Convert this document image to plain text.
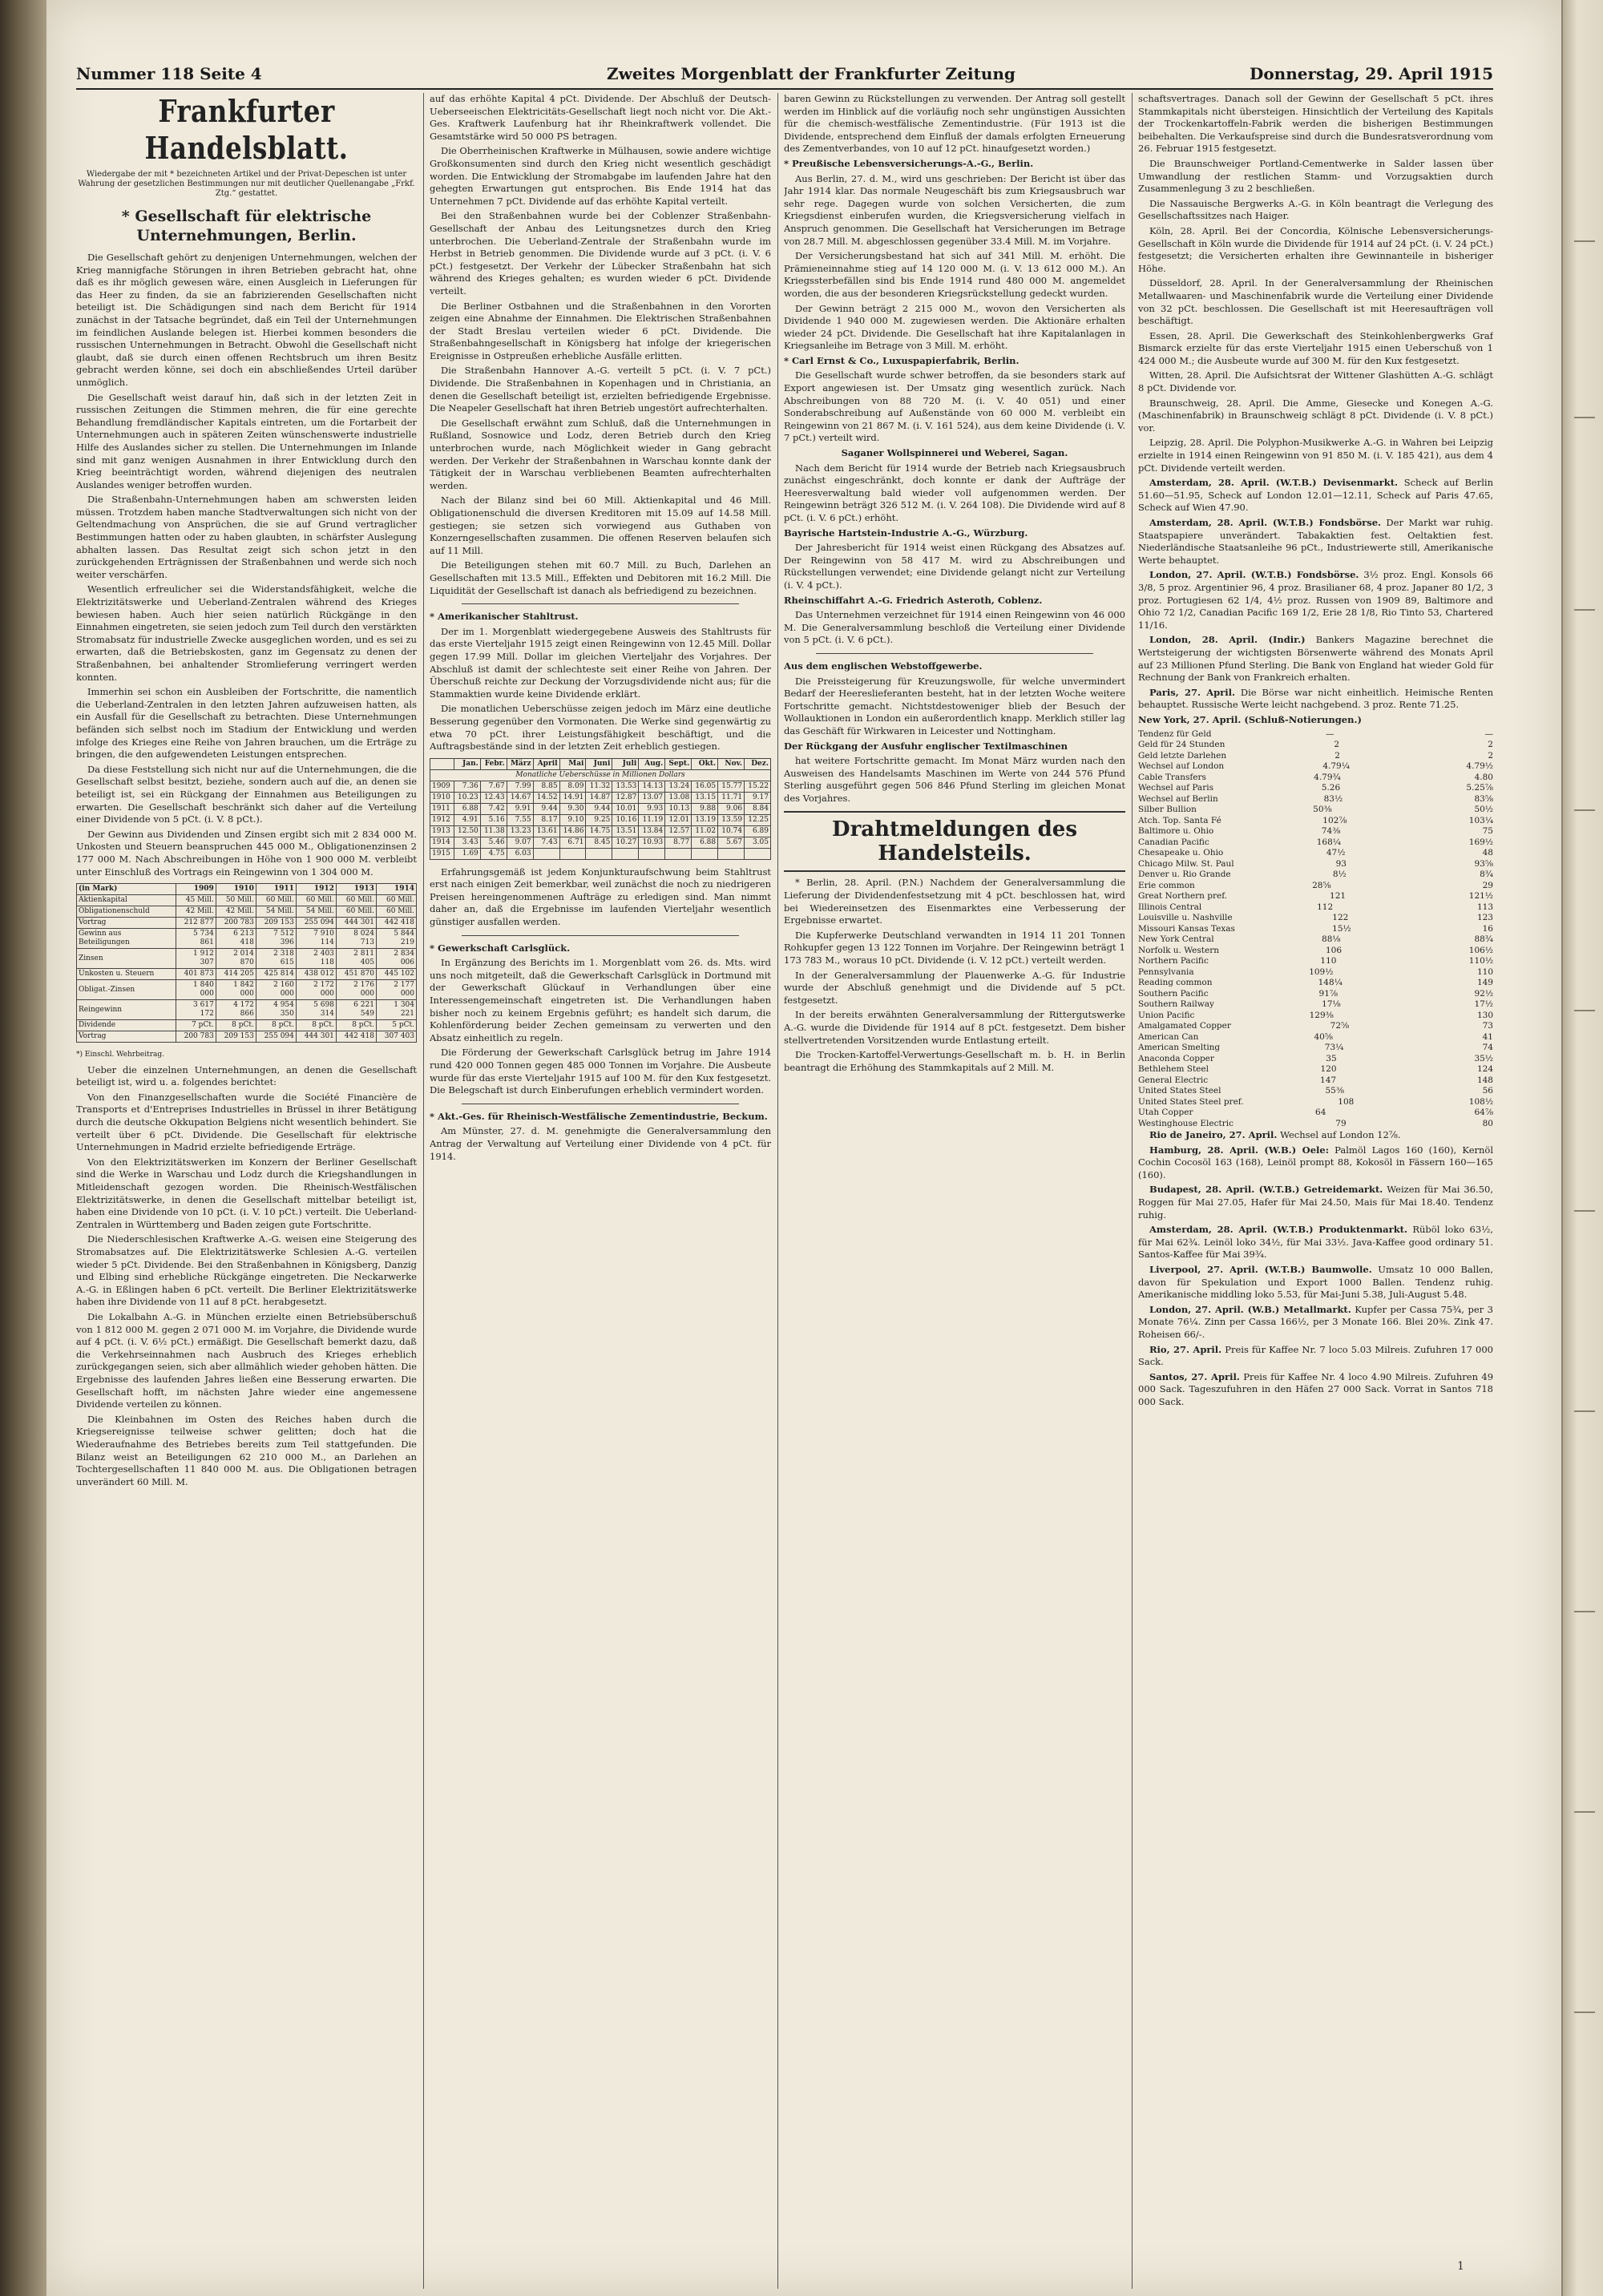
Nummer 118 Seite 4	Zweites Morgenblatt der Frankfurter Zeitung	Donnerstag, 29. April 1915
Frankfurter Handelsblatt.
Wiedergabe der mit * bezeichneten Artikel und der Privat-Depeschen ist unter Wahrung der gesetzlichen Bestimmungen nur mit deutlicher Quellenangabe „Frkf. Ztg.“ gestattet.
* Gesellschaft für elektrische Unternehmungen, Berlin.

Die Gesellschaft gehört zu denjenigen Unternehmungen, welchen der Krieg mannigfache Störungen in ihren Betrieben gebracht hat, ohne daß es ihr möglich gewesen wäre, einen Ausgleich in Lieferungen für das Heer zu finden, da sie an fabrizierenden Gesellschaften nicht beteiligt ist. Die Schädigungen sind nach dem Bericht für 1914 zunächst in der Tatsache begründet, daß ein Teil der Unternehmungen im feindlichen Auslande belegen ist. Hierbei kommen besonders die russischen Unternehmungen in Betracht. Obwohl die Gesellschaft nicht glaubt, daß sie durch einen offenen Rechtsbruch um ihren Besitz gebracht werden könne, sei doch ein abschließendes Urteil darüber unmöglich.

Die Gesellschaft weist darauf hin, daß sich in der letzten Zeit in russischen Zeitungen die Stimmen mehren, die für eine gerechte Behandlung fremdländischer Kapitals eintreten, um die Fortarbeit der Unternehmungen auch in späteren Zeiten wünschenswerte industrielle Hilfe des Auslandes sicher zu stellen. Die Unternehmungen im Inlande sind mit ganz wenigen Ausnahmen in ihrer Entwicklung durch den Krieg beeinträchtigt worden, während diejenigen des neutralen Auslandes weniger betroffen wurden.

Die Straßenbahn-Unternehmungen haben am schwersten leiden müssen. Trotzdem haben manche Stadtverwaltungen sich nicht von der Geltendmachung von Ansprüchen, die sie auf Grund vertraglicher Bestimmungen hatten oder zu haben glaubten, in schärfster Auslegung abhalten lassen. Das Resultat zeigt sich schon jetzt in den zurückgehenden Erträgnissen der Straßenbahnen und werde sich noch weiter verschärfen.

Wesentlich erfreulicher sei die Widerstandsfähigkeit, welche die Elektrizitätswerke und Ueberland-Zentralen während des Krieges bewiesen haben. Auch hier seien natürlich Rückgänge in den Einnahmen eingetreten, sie seien jedoch zum Teil durch den verstärkten Stromabsatz für industrielle Zwecke ausgeglichen worden, und es sei zu erwarten, daß die Betriebskosten, ganz im Gegensatz zu denen der Straßenbahnen, bei anhaltender Stromlieferung verringert werden konnten.

Immerhin sei schon ein Ausbleiben der Fortschritte, die namentlich die Ueberland-Zentralen in den letzten Jahren aufzuweisen hatten, als ein Ausfall für die Gesellschaft zu betrachten. Diese Unternehmungen befänden sich selbst noch im Stadium der Entwicklung und werden infolge des Krieges eine Reihe von Jahren brauchen, um die Erträge zu bringen, die den aufgewendeten Leistungen entsprechen.

Da diese Feststellung sich nicht nur auf die Unternehmungen, die die Gesellschaft selbst besitzt, beziehe, sondern auch auf die, an denen sie beteiligt ist, sei ein Rückgang der Einnahmen aus Beteiligungen zu erwarten. Die Gesellschaft beschränkt sich daher auf die Verteilung einer Dividende von 5 pCt. (i. V. 8 pCt.).

Der Gewinn aus Dividenden und Zinsen ergibt sich mit 2 834 000 M. Unkosten und Steuern beanspruchen 445 000 M., Obligationenzinsen 2 177 000 M. Nach Abschreibungen in Höhe von 1 900 000 M. verbleibt unter Einschluß des Vortrags ein Reingewinn von 1 304 000 M.

(in Mark)	1909	1910	1911	1912	1913	1914
Aktienkapital	45 Mill.	50 Mill.	60 Mill.	60 Mill.	60 Mill.	60 Mill.
Obligationenschuld	42 Mill.	42 Mill.	54 Mill.	54 Mill.	60 Mill.	60 Mill.
Vortrag	212 877	200 783	209 153	255 094	444 301	442 418
Gewinn aus Beteiligungen	5 734 861	6 213 418	7 512 396	7 910 114	8 024 713	5 844 219
Zinsen	1 912 307	2 014 870	2 318 615	2 403 118	2 811 405	2 834 006
Unkosten u. Steuern	401 873	414 205	425 814	438 012	451 870	445 102
Obligat.-Zinsen	1 840 000	1 842 000	2 160 000	2 172 000	2 176 000	2 177 000
Reingewinn	3 617 172	4 172 866	4 954 350	5 698 314	6 221 549	1 304 221
Dividende	7 pCt.	8 pCt.	8 pCt.	8 pCt.	8 pCt.	5 pCt.
Vortrag	200 783	209 153	255 094	444 301	442 418	307 403

*) Einschl. Wehrbeitrag.

Ueber die einzelnen Unternehmungen, an denen die Gesellschaft beteiligt ist, wird u. a. folgendes berichtet:

Von den Finanzgesellschaften wurde die Société Financière de Transports et d'Entreprises Industrielles in Brüssel in ihrer Betätigung durch die deutsche Okkupation Belgiens nicht wesentlich behindert. Sie verteilt über 6 pCt. Dividende. Die Gesellschaft für elektrische Unternehmungen in Madrid erzielte befriedigende Erträge.

Von den Elektrizitätswerken im Konzern der Berliner Gesellschaft sind die Werke in Warschau und Lodz durch die Kriegshandlungen in Mitleidenschaft gezogen worden. Die Rheinisch-Westfälischen Elektrizitätswerke, in denen die Gesellschaft mittelbar beteiligt ist, haben eine Dividende von 10 pCt. (i. V. 10 pCt.) verteilt. Die Ueberland-Zentralen in Württemberg und Baden zeigen gute Fortschritte.

Die Niederschlesischen Kraftwerke A.-G. weisen eine Steigerung des Stromabsatzes auf. Die Elektrizitätswerke Schlesien A.-G. verteilen wieder 5 pCt. Dividende. Bei den Straßenbahnen in Königsberg, Danzig und Elbing sind erhebliche Rückgänge eingetreten. Die Neckarwerke A.-G. in Eßlingen haben 6 pCt. verteilt. Die Berliner Elektrizitätswerke haben ihre Dividende von 11 auf 8 pCt. herabgesetzt.

Die Lokalbahn A.-G. in München erzielte einen Betriebsüberschuß von 1 812 000 M. gegen 2 071 000 M. im Vorjahre, die Dividende wurde auf 4 pCt. (i. V. 6½ pCt.) ermäßigt. Die Gesellschaft bemerkt dazu, daß die Verkehrseinnahmen nach Ausbruch des Krieges erheblich zurückgegangen seien, sich aber allmählich wieder gehoben hätten. Die Ergebnisse des laufenden Jahres ließen eine Besserung erwarten. Die Gesellschaft hofft, im nächsten Jahre wieder eine angemessene Dividende verteilen zu können.

Die Kleinbahnen im Osten des Reiches haben durch die Kriegsereignisse teilweise schwer gelitten; doch hat die Wiederaufnahme des Betriebes bereits zum Teil stattgefunden. Die Bilanz weist an Beteiligungen 62 210 000 M., an Darlehen an Tochtergesellschaften 11 840 000 M. aus. Die Obligationen betragen unverändert 60 Mill. M.

auf das erhöhte Kapital 4 pCt. Dividende. Der Abschluß der Deutsch-Ueberseeischen Elektricitäts-Gesellschaft liegt noch nicht vor. Die Akt.-Ges. Kraftwerk Laufenburg hat ihr Rheinkraftwerk vollendet. Die Gesamtstärke wird 50 000 PS betragen.

Die Oberrheinischen Kraftwerke in Mülhausen, sowie andere wichtige Großkonsumenten sind durch den Krieg nicht wesentlich geschädigt worden. Die Entwicklung der Stromabgabe im laufenden Jahre hat den gehegten Erwartungen gut entsprochen. Bis Ende 1914 hat das Unternehmen 7 pCt. Dividende auf das erhöhte Kapital verteilt.

Bei den Straßenbahnen wurde bei der Coblenzer Straßenbahn-Gesellschaft der Anbau des Leitungsnetzes durch den Krieg unterbrochen. Die Ueberland-Zentrale der Straßenbahn wurde im Herbst in Betrieb genommen. Die Dividende wurde auf 3 pCt. (i. V. 6 pCt.) festgesetzt. Der Verkehr der Lübecker Straßenbahn hat sich während des Krieges gehalten; es wurden wieder 6 pCt. Dividende verteilt.

Die Berliner Ostbahnen und die Straßenbahnen in den Vororten zeigen eine Abnahme der Einnahmen. Die Elektrischen Straßenbahnen der Stadt Breslau verteilen wieder 6 pCt. Dividende. Die Straßenbahngesellschaft in Königsberg hat infolge der kriegerischen Ereignisse in Ostpreußen erhebliche Ausfälle erlitten.

Die Straßenbahn Hannover A.-G. verteilt 5 pCt. (i. V. 7 pCt.) Dividende. Die Straßenbahnen in Kopenhagen und in Christiania, an denen die Gesellschaft beteiligt ist, erzielten befriedigende Ergebnisse. Die Neapeler Gesellschaft hat ihren Betrieb ungestört aufrechterhalten.

Die Gesellschaft erwähnt zum Schluß, daß die Unternehmungen in Rußland, Sosnowice und Lodz, deren Betrieb durch den Krieg unterbrochen wurde, nach Möglichkeit wieder in Gang gebracht werden. Der Verkehr der Straßenbahnen in Warschau konnte dank der Tätigkeit der in Warschau verbliebenen Beamten aufrechterhalten werden.

Nach der Bilanz sind bei 60 Mill. Aktienkapital und 46 Mill. Obligationenschuld die diversen Kreditoren mit 15.09 auf 14.58 Mill. gestiegen; sie setzen sich vorwiegend aus Guthaben von Konzerngesellschaften zusammen. Die offenen Reserven belaufen sich auf 11 Mill.

Die Beteiligungen stehen mit 60.7 Mill. zu Buch, Darlehen an Gesellschaften mit 13.5 Mill., Effekten und Debitoren mit 16.2 Mill. Die Liquidität der Gesellschaft ist danach als befriedigend zu bezeichnen.

* Amerikanischer Stahltrust.

Der im 1. Morgenblatt wiedergegebene Ausweis des Stahltrusts für das erste Vierteljahr 1915 zeigt einen Reingewinn von 12.45 Mill. Dollar gegen 17.99 Mill. Dollar im gleichen Vierteljahr des Vorjahres. Der Abschluß ist damit der schlechteste seit einer Reihe von Jahren. Der Überschuß reichte zur Deckung der Vorzugsdividende nicht aus; für die Stammaktien wurde keine Dividende erklärt.

Die monatlichen Ueberschüsse zeigen jedoch im März eine deutliche Besserung gegenüber den Vormonaten. Die Werke sind gegenwärtig zu etwa 70 pCt. ihrer Leistungsfähigkeit beschäftigt, und die Auftragsbestände sind in der letzten Zeit erheblich gestiegen.

	Jan.	Febr.	März	April	Mai	Juni	Juli	Aug.	Sept.	Okt.	Nov.	Dez.
Monatliche Ueberschüsse in Millionen Dollars												
1909	7.36	7.67	7.99	8.85	8.09	11.32	13.53	14.13	13.24	16.05	15.77	15.22
1910	10.23	12.43	14.67	14.52	14.91	14.87	12.87	13.07	13.08	13.15	11.71	9.17
1911	6.88	7.42	9.91	9.44	9.30	9.44	10.01	9.93	10.13	9.88	9.06	8.84
1912	4.91	5.16	7.55	8.17	9.10	9.25	10.16	11.19	12.01	13.19	13.59	12.25
1913	12.50	11.38	13.23	13.61	14.86	14.75	13.51	13.84	12.57	11.02	10.74	6.89
1914	3.43	5.46	9.07	7.43	6.71	8.45	10.27	10.93	8.77	6.88	5.67	3.05
1915	1.69	4.75	6.03									

Erfahrungsgemäß ist jedem Konjunkturaufschwung beim Stahltrust erst nach einigen Zeit bemerkbar, weil zunächst die noch zu niedrigeren Preisen hereingenommenen Aufträge zu erledigen sind. Man nimmt daher an, daß die Ergebnisse im laufenden Vierteljahr wesentlich günstiger ausfallen werden.

* Gewerkschaft Carlsglück.

In Ergänzung des Berichts im 1. Morgenblatt vom 26. ds. Mts. wird uns noch mitgeteilt, daß die Gewerkschaft Carlsglück in Dortmund mit der Gewerkschaft Glückauf in Verhandlungen über eine Interessengemeinschaft eingetreten ist. Die Verhandlungen haben bisher noch zu keinem Ergebnis geführt; es handelt sich darum, die Kohlenförderung beider Zechen gemeinsam zu verwerten und den Absatz einheitlich zu regeln.

Die Förderung der Gewerkschaft Carlsglück betrug im Jahre 1914 rund 420 000 Tonnen gegen 485 000 Tonnen im Vorjahre. Die Ausbeute wurde für das erste Vierteljahr 1915 auf 100 M. für den Kux festgesetzt. Die Belegschaft ist durch Einberufungen erheblich vermindert worden.

* Akt.-Ges. für Rheinisch-Westfälische Zementindustrie, Beckum.

Am Münster, 27. d. M. genehmigte die Generalversammlung den Antrag der Verwaltung auf Verteilung einer Dividende von 4 pCt. für 1914.

baren Gewinn zu Rückstellungen zu verwenden. Der Antrag soll gestellt werden im Hinblick auf die vorläufig noch sehr ungünstigen Aussichten für die chemisch-westfälische Zementindustrie. (Für 1913 ist die Dividende, entsprechend dem Einfluß der damals erfolgten Erneuerung des Zementverbandes, von 10 auf 12 pCt. hinaufgesetzt worden.)

* Preußische Lebensversicherungs-A.-G., Berlin.

Aus Berlin, 27. d. M., wird uns geschrieben: Der Bericht ist über das Jahr 1914 klar. Das normale Neugeschäft bis zum Kriegsausbruch war sehr rege. Dagegen wurde von solchen Versicherten, die zum Kriegsdienst einberufen wurden, die Kriegsversicherung vielfach in Anspruch genommen. Die Gesellschaft hat Versicherungen im Betrage von 28.7 Mill. M. abgeschlossen gegenüber 33.4 Mill. M. im Vorjahre.

Der Versicherungsbestand hat sich auf 341 Mill. M. erhöht. Die Prämieneinnahme stieg auf 14 120 000 M. (i. V. 13 612 000 M.). An Kriegssterbefällen sind bis Ende 1914 rund 480 000 M. angemeldet worden, die aus der besonderen Kriegsrückstellung gedeckt wurden.

Der Gewinn beträgt 2 215 000 M., wovon den Versicherten als Dividende 1 940 000 M. zugewiesen werden. Die Aktionäre erhalten wieder 24 pCt. Dividende. Die Gesellschaft hat ihre Kapitalanlagen in Kriegsanleihe im Betrage von 3 Mill. M. erhöht.

* Carl Ernst & Co., Luxuspapierfabrik, Berlin.

Die Gesellschaft wurde schwer betroffen, da sie besonders stark auf Export angewiesen ist. Der Umsatz ging wesentlich zurück. Nach Abschreibungen von 88 720 M. (i. V. 40 051) und einer Sonderabschreibung auf Außenstände von 60 000 M. verbleibt ein Reingewinn von 21 867 M. (i. V. 161 524), aus dem keine Dividende (i. V. 7 pCt.) verteilt wird.

Saganer Wollspinnerei und Weberei, Sagan.

Nach dem Bericht für 1914 wurde der Betrieb nach Kriegsausbruch zunächst eingeschränkt, doch konnte er dank der Aufträge der Heeresverwaltung bald wieder voll aufgenommen werden. Der Reingewinn beträgt 326 512 M. (i. V. 264 108). Die Dividende wird auf 8 pCt. (i. V. 6 pCt.) erhöht.

Bayrische Hartstein-Industrie A.-G., Würzburg.

Der Jahresbericht für 1914 weist einen Rückgang des Absatzes auf. Der Reingewinn von 58 417 M. wird zu Abschreibungen und Rückstellungen verwendet; eine Dividende gelangt nicht zur Verteilung (i. V. 4 pCt.).

Rheinschiffahrt A.-G. Friedrich Asteroth, Coblenz.

Das Unternehmen verzeichnet für 1914 einen Reingewinn von 46 000 M. Die Generalversammlung beschloß die Verteilung einer Dividende von 5 pCt. (i. V. 6 pCt.).

Aus dem englischen Webstoffgewerbe.

Die Preissteigerung für Kreuzungswolle, für welche unvermindert Bedarf der Heereslieferanten besteht, hat in der letzten Woche weitere Fortschritte gemacht. Nichtstdestoweniger blieb der Besuch der Wollauktionen in London ein außerordentlich knapp. Merklich stiller lag das Geschäft für Wirkwaren in Leicester und Nottingham.

Der Rückgang der Ausfuhr englischer Textilmaschinen

hat weitere Fortschritte gemacht. Im Monat März wurden nach den Ausweisen des Handelsamts Maschinen im Werte von 244 576 Pfund Sterling ausgeführt gegen 506 846 Pfund Sterling im gleichen Monat des Vorjahres.

Drahtmeldungen des Handelsteils.

* Berlin, 28. April. (P.N.) Nachdem der Generalversammlung die Lieferung der Dividendenfestsetzung mit 4 pCt. beschlossen hat, wird bei Wiedereinsetzen des Eisenmarktes eine Verbesserung der Ergebnisse erwartet.

Die Kupferwerke Deutschland verwandten in 1914 11 201 Tonnen Rohkupfer gegen 13 122 Tonnen im Vorjahre. Der Reingewinn beträgt 1 173 783 M., woraus 10 pCt. Dividende (i. V. 12 pCt.) verteilt werden.

In der Generalversammlung der Plauenwerke A.-G. für Industrie wurde der Abschluß genehmigt und die Dividende auf 5 pCt. festgesetzt.

In der bereits erwähnten Generalversammlung der Rittergutswerke A.-G. wurde die Dividende für 1914 auf 8 pCt. festgesetzt. Dem bisher stellvertretenden Vorsitzenden wurde Entlastung erteilt.

Die Trocken-Kartoffel-Verwertungs-Gesellschaft m. b. H. in Berlin beantragt die Erhöhung des Stammkapitals auf 2 Mill. M.

schaftsvertrages. Danach soll der Gewinn der Gesellschaft 5 pCt. ihres Stammkapitals nicht übersteigen. Hinsichtlich der Verteilung des Kapitals der Trockenkartoffeln-Fabrik werden die bisherigen Bestimmungen beibehalten. Die Verkaufspreise sind durch die Bundesratsverordnung vom 26. Februar 1915 festgesetzt.

Die Braunschweiger Portland-Cementwerke in Salder lassen über Umwandlung der restlichen Stamm- und Vorzugsaktien durch Zusammenlegung 3 zu 2 beschließen.

Die Nassauische Bergwerks A.-G. in Köln beantragt die Verlegung des Gesellschaftssitzes nach Haiger.

Köln, 28. April. Bei der Concordia, Kölnische Lebensversicherungs-Gesellschaft in Köln wurde die Dividende für 1914 auf 24 pCt. (i. V. 24 pCt.) festgesetzt; die Versicherten erhalten ihre Gewinnanteile in bisheriger Höhe.

Düsseldorf, 28. April. In der Generalversammlung der Rheinischen Metallwaaren- und Maschinenfabrik wurde die Verteilung einer Dividende von 32 pCt. beschlossen. Die Gesellschaft ist mit Heeresaufträgen voll beschäftigt.

Essen, 28. April. Die Gewerkschaft des Steinkohlenbergwerks Graf Bismarck erzielte für das erste Vierteljahr 1915 einen Ueberschuß von 1 424 000 M.; die Ausbeute wurde auf 300 M. für den Kux festgesetzt.

Witten, 28. April. Die Aufsichtsrat der Wittener Glashütten A.-G. schlägt 8 pCt. Dividende vor.

Braunschweig, 28. April. Die Amme, Giesecke und Konegen A.-G. (Maschinenfabrik) in Braunschweig schlägt 8 pCt. Dividende (i. V. 8 pCt.) vor.

Leipzig, 28. April. Die Polyphon-Musikwerke A.-G. in Wahren bei Leipzig erzielte in 1914 einen Reingewinn von 91 850 M. (i. V. 185 421), aus dem 4 pCt. Dividende verteilt werden.

Amsterdam, 28. April. (W.T.B.) Devisenmarkt. Scheck auf Berlin 51.60—51.95, Scheck auf London 12.01—12.11, Scheck auf Paris 47.65, Scheck auf Wien 47.90.

Amsterdam, 28. April. (W.T.B.) Fondsbörse. Der Markt war ruhig. Staatspapiere unverändert. Tabakaktien fest. Oeltaktien fest. Niederländische Staatsanleihe 96 pCt., Industriewerte still, Amerikanische Werte behauptet.

London, 27. April. (W.T.B.) Fondsbörse. 3½ proz. Engl. Konsols 66 3/8, 5 proz. Argentinier 96, 4 proz. Brasilianer 68, 4 proz. Japaner 80 1/2, 3 proz. Portugiesen 62 1/4, 4½ proz. Russen von 1909 89, Baltimore and Ohio 72 1/2, Canadian Pacific 169 1/2, Erie 28 1/8, Rio Tinto 53, Chartered 11/16.

London, 28. April. (Indir.) Bankers Magazine berechnet die Wertsteigerung der wichtigsten Börsenwerte während des Monats April auf 23 Millionen Pfund Sterling. Die Bank von England hat wieder Gold für Rechnung der Bank von Frankreich erhalten.

Paris, 27. April. Die Börse war nicht einheitlich. Heimische Renten behauptet. Russische Werte leicht nachgebend. 3 proz. Rente 71.25.

New York, 27. April. (Schluß-Notierungen.)

Tendenz für Geld	—	—
Geld für 24 Stunden	2	2
Geld letzte Darlehen	2	2
Wechsel auf London	4.79¼	4.79½
Cable Transfers	4.79¾	4.80
Wechsel auf Paris	5.26	5.25⅞
Wechsel auf Berlin	83½	83⅝
Silber Bullion	50⅜	50½
Atch. Top. Santa Fé	102⅞	103¼
Baltimore u. Ohio	74⅜	75
Canadian Pacific	168¼	169½
Chesapeake u. Ohio	47½	48
Chicago Milw. St. Paul	93	93⅝
Denver u. Rio Grande	8½	8¾
Erie common	28⅝	29
Great Northern pref.	121	121½
Illinois Central	112	113
Louisville u. Nashville	122	123
Missouri Kansas Texas	15½	16
New York Central	88⅛	88¾
Norfolk u. Western	106	106½
Northern Pacific	110	110½
Pennsylvania	109½	110
Reading common	148¼	149
Southern Pacific	91⅞	92½
Southern Railway	17⅛	17½
Union Pacific	129⅜	130
Amalgamated Copper	72⅝	73
American Can	40⅝	41
American Smelting	73¼	74
Anaconda Copper	35	35½
Bethlehem Steel	120	124
General Electric	147	148
United States Steel	55⅜	56
United States Steel pref.	108	108½
Utah Copper	64	64⅞
Westinghouse Electric	79	80

Rio de Janeiro, 27. April. Wechsel auf London 12⅞.

Hamburg, 28. April. (W.B.) Oele: Palmöl Lagos 160 (160), Kernöl Cochin Cocosöl 163 (168), Leinöl prompt 88, Kokosöl in Fässern 160—165 (160).

Budapest, 28. April. (W.T.B.) Getreidemarkt. Weizen für Mai 36.50, Roggen für Mai 27.05, Hafer für Mai 24.50, Mais für Mai 18.40. Tendenz ruhig.

Amsterdam, 28. April. (W.T.B.) Produktenmarkt. Rüböl loko 63½, für Mai 62¾. Leinöl loko 34½, für Mai 33½. Java-Kaffee good ordinary 51. Santos-Kaffee für Mai 39¾.

Liverpool, 27. April. (W.T.B.) Baumwolle. Umsatz 10 000 Ballen, davon für Spekulation und Export 1000 Ballen. Tendenz ruhig. Amerikanische middling loko 5.53, für Mai-Juni 5.38, Juli-August 5.48.

London, 27. April. (W.B.) Metallmarkt. Kupfer per Cassa 75¾, per 3 Monate 76¼. Zinn per Cassa 166½, per 3 Monate 166. Blei 20⅜. Zink 47. Roheisen 66/-.

Rio, 27. April. Preis für Kaffee Nr. 7 loco 5.03 Milreis. Zufuhren 17 000 Sack.

Santos, 27. April. Preis für Kaffee Nr. 4 loco 4.90 Milreis. Zufuhren 49 000 Sack. Tageszufuhren in den Häfen 27 000 Sack. Vorrat in Santos 718 000 Sack.

1
